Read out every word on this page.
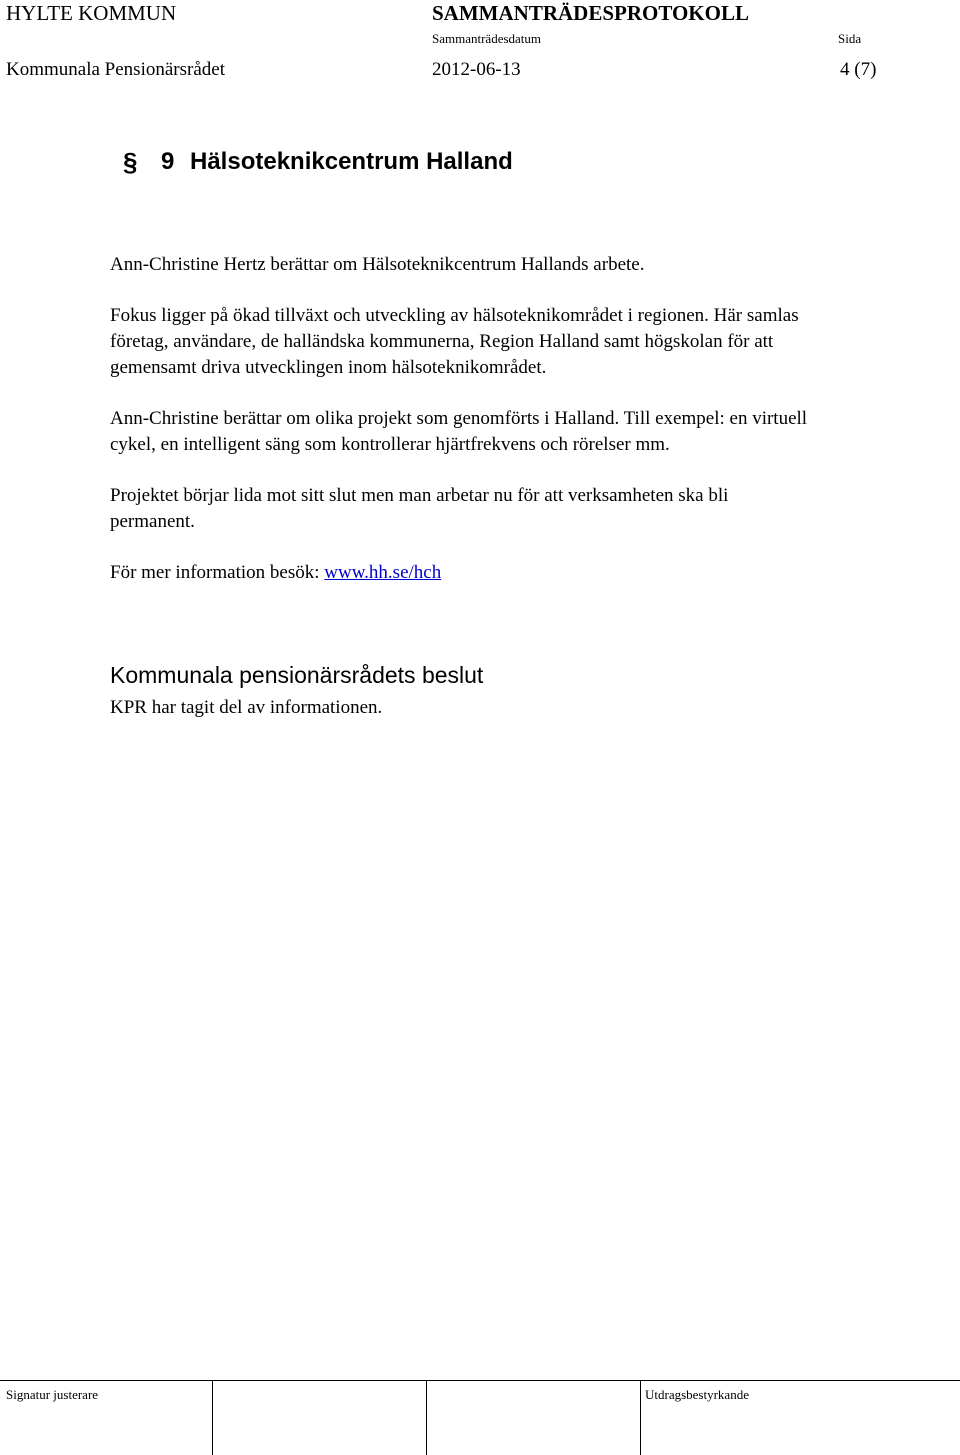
HYLTE KOMMUN	SAMMANTRÄDESPROTOKOLL
Sammanträdesdatum	Sida
Kommunala Pensionärsrådet	2012-06-13	4 (7)
§ 9 Hälsoteknikcentrum Halland

Ann-Christine Hertz berättar om Hälsoteknikcentrum Hallands arbete.

Fokus ligger på ökad tillväxt och utveckling av hälsoteknikområdet i regionen. Här samlas
företag, användare, de halländska kommunerna, Region Halland samt högskolan för att
gemensamt driva utvecklingen inom hälsoteknikområdet.

Ann-Christine berättar om olika projekt som genomförts i Halland. Till exempel: en virtuell
cykel, en intelligent säng som kontrollerar hjärtfrekvens och rörelser mm.

Projektet börjar lida mot sitt slut men man arbetar nu för att verksamheten ska bli
permanent.

För mer information besök: www.hh.se/hch

Kommunala pensionärsrådets beslut
KPR har tagit del av informationen.
Signatur justerare	Utdragsbestyrkande
